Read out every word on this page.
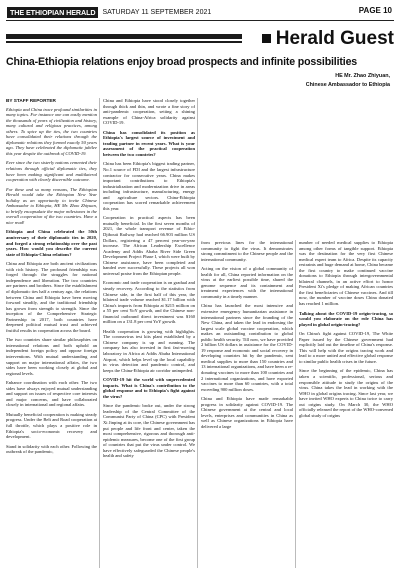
THE ETHIOPIAN HERALD	SATURDAY 11 SEPTEMBER 2021	PAGE 10
Herald Guest
China-Ethiopia relations enjoy broad prospects and infinite possibilities
HE Mr. Zhao Zhiyuan,
Chinese Ambassador to Ethiopia
BY STAFF REPORTER

Ethiopia and China trace profound similarities in many topics. For instance one can easily mention the thousands of years of civilization and history, many cultural and religious practices, among others. To spice up the ties, the two countries have consolidated their relations through the diplomatic relations they formed exactly 50 years ago. They have celebrated the diplomatic jubilee this year despite the outbreak of COVID-19.

Ever since the two sisterly nations cemented their relations through official diplomatic ties, they have been making significant and multilateral cooperation with clearly discernible outcome.

For these and so many reasons, The Ethiopian Herald would take the Ethiopian New Year holiday as an opportunity to invite Chinese Ambassador to Ethiopia, HE Mr. Zhao Zhiyuan, to briefly encapsulate the major milestones in the overall cooperation of the two countries. Have a nice read!

Ethiopia and China celebrated the 50th anniversary of their diplomatic ties in 2020, and forged a strong relationship over the past years. How would you describe the current state of Ethiopia-China relations?

China and Ethiopia are both ancient civilizations with rich history. The profound friendship was forged through the struggles for national independence and liberation. The two countries are partners and brothers. Since the establishment of diplomatic ties half a century ago, the relations between China and Ethiopia have been moving forward steadily, and the traditional friendship has grown from strength to strength. Since the inception of the Comprehensive Strategic Partnership in 2017, both countries have deepened political mutual trust and achieved fruitful results in cooperation across the board.

The two countries share similar philosophies on international relations and both uphold an independent foreign policy and oppose foreign interventions. With mutual understanding and support on major international affairs, the two sides have been working closely at global and regional levels.

Enhance coordination with each other. The two sides have always enjoyed mutual understanding and support on issues of respective core interests and major concerns, and have collaborated closely in international and regional affairs.

Mutually beneficial cooperation is making steady progress. Under the Belt and Road cooperation at full throttle, which plays a positive role in Ethiopia's socio-economic recovery and development.

Stand in solidarity with each other. Following the outbreak of the pandemic,

China and Ethiopia have stood closely together through thick and thin, and wrote a fine story of anti-pandemic cooperation, setting a shining example of China-Africa solidarity against COVID-19.

China has consolidated its position as Ethiopia's largest source of investment and trading partner in recent years. What is your assessment of the practical cooperation between the two countries?

China has been Ethiopia's biggest trading partner, No.1 source of FDI and the largest infrastructure contractor for consecutive years. China makes important contributions to Ethiopia's industrialization and modernization drive in areas including infrastructure, manufacturing, energy and agriculture sectors. China-Ethiopia cooperation has scored remarkable achievement this year.

Cooperation in practical aspects has been mutually beneficial. In the first seven months of 2021, the whole transport revenue of Ethio-Djibouti Railway had reached 66.903 million US Dollars, registering a 47 percent year-on-year increase. The African Leadership Excellence Academy and Addis Ababa River Side Green Development Project Phase I, which were built by Chinese assistance, have been completed and handed over successfully. These projects all won universal praise from the Ethiopian people.

Economic and trade cooperation is on gradual and steady recovery. According to the statistics from Chinese side, in the first half of this year, the bilateral trade volume reached $1.17 billion with China's imports from Ethiopia at $215 million on a 55 per cent YoY growth, and the Chinese non-financial outbound direct investment was $160 million on a 131.8 per cent YoY growth.

Health cooperation is growing with highlights. The coronavirus test kits plant established by a Chinese company is up and running. The company has also invested in first fast-moving laboratory in Africa at Addis Ababa International Airport, which helps level up the local capability in virus detection and pandemic control, and keeps the China-Ethiopia air corridor unimpeded.

COVID-19 hit the world with unprecedented impacts. What is China's contribution to the global response and to Ethiopia's fight against the virus?

Since the pandemic broke out, under the strong leadership of the Central Committee of the Communist Party of China (CPC) with President Xi Jinping at its core, the Chinese government has put people and life front and center, taken the most comprehensive, rigorous and thorough anti-epidemic measures, become one of the first group of countries that put the virus under control. We have effectively safeguarded the Chinese people's health and safety

from previous lines for the international community to fight the virus. It demonstrates strong commitment to the Chinese people and the international community.

Acting on the vision of a global community of health for all, China reported information on the virus at the earliest possible time, shared the genome sequence and its containment and treatment experiences with the international community in a timely manner.

China has launched the most intensive and extensive emergency humanitarian assistance in international partners since the founding of the New China, and taken the lead in endorsing the largest scale global vaccine cooperation, which makes an outstanding contribution to global public health security. Till now, we have provided 2 billion US dollars in assistance for the COVID-19 response and economic and social recovery in developing countries hit by the pandemic, sent medical supplies to more than 150 countries and 13 international organizations, and have been a re-donating vaccines to more than 100 countries and 2 international organizations, and have exported vaccines to more than 60 countries, with a total exceeding 900 million doses.

China and Ethiopia have made remarkable progress in solidarity against COVID-19. The Chinese government at the central and local levels, enterprises and communities in China as well as Chinese organizations in Ethiopia have delivered a large

number of needed medical supplies to Ethiopia among other forms of tangible support. Ethiopia was the destination for the very first Chinese medical expert team to Africa. Despite its capacity restraints and huge demand at home, China became the first country to make continued vaccine donations to Ethiopia through intergovernmental bilateral channels, in an active effort to honor President Xi's pledge of making African countries the first beneficiaries of Chinese vaccines. And till now, the number of vaccine doses China donated has reached 1 million.

Talking about the COVID-19 origin-tracing, so would you elaborate on the role China has played in global origin-tracing?

On China's fight against COVID-19, The White Paper issued by the Chinese government had explicitly laid out the timeline of China's response. This will help with the origins tracing work and lead to a more united and effective global response to similar public health crises in the future.

Since the beginning of the epidemic, China has taken a scientific, professional, serious and responsible attitude to study the origins of the virus. China takes the lead in working with the WHO in global origins tracing. Since last year, we have invited WHO experts to China twice to carry out origins study. On March 30, the WHO officially released the report of the WHO-convened global study of origins
